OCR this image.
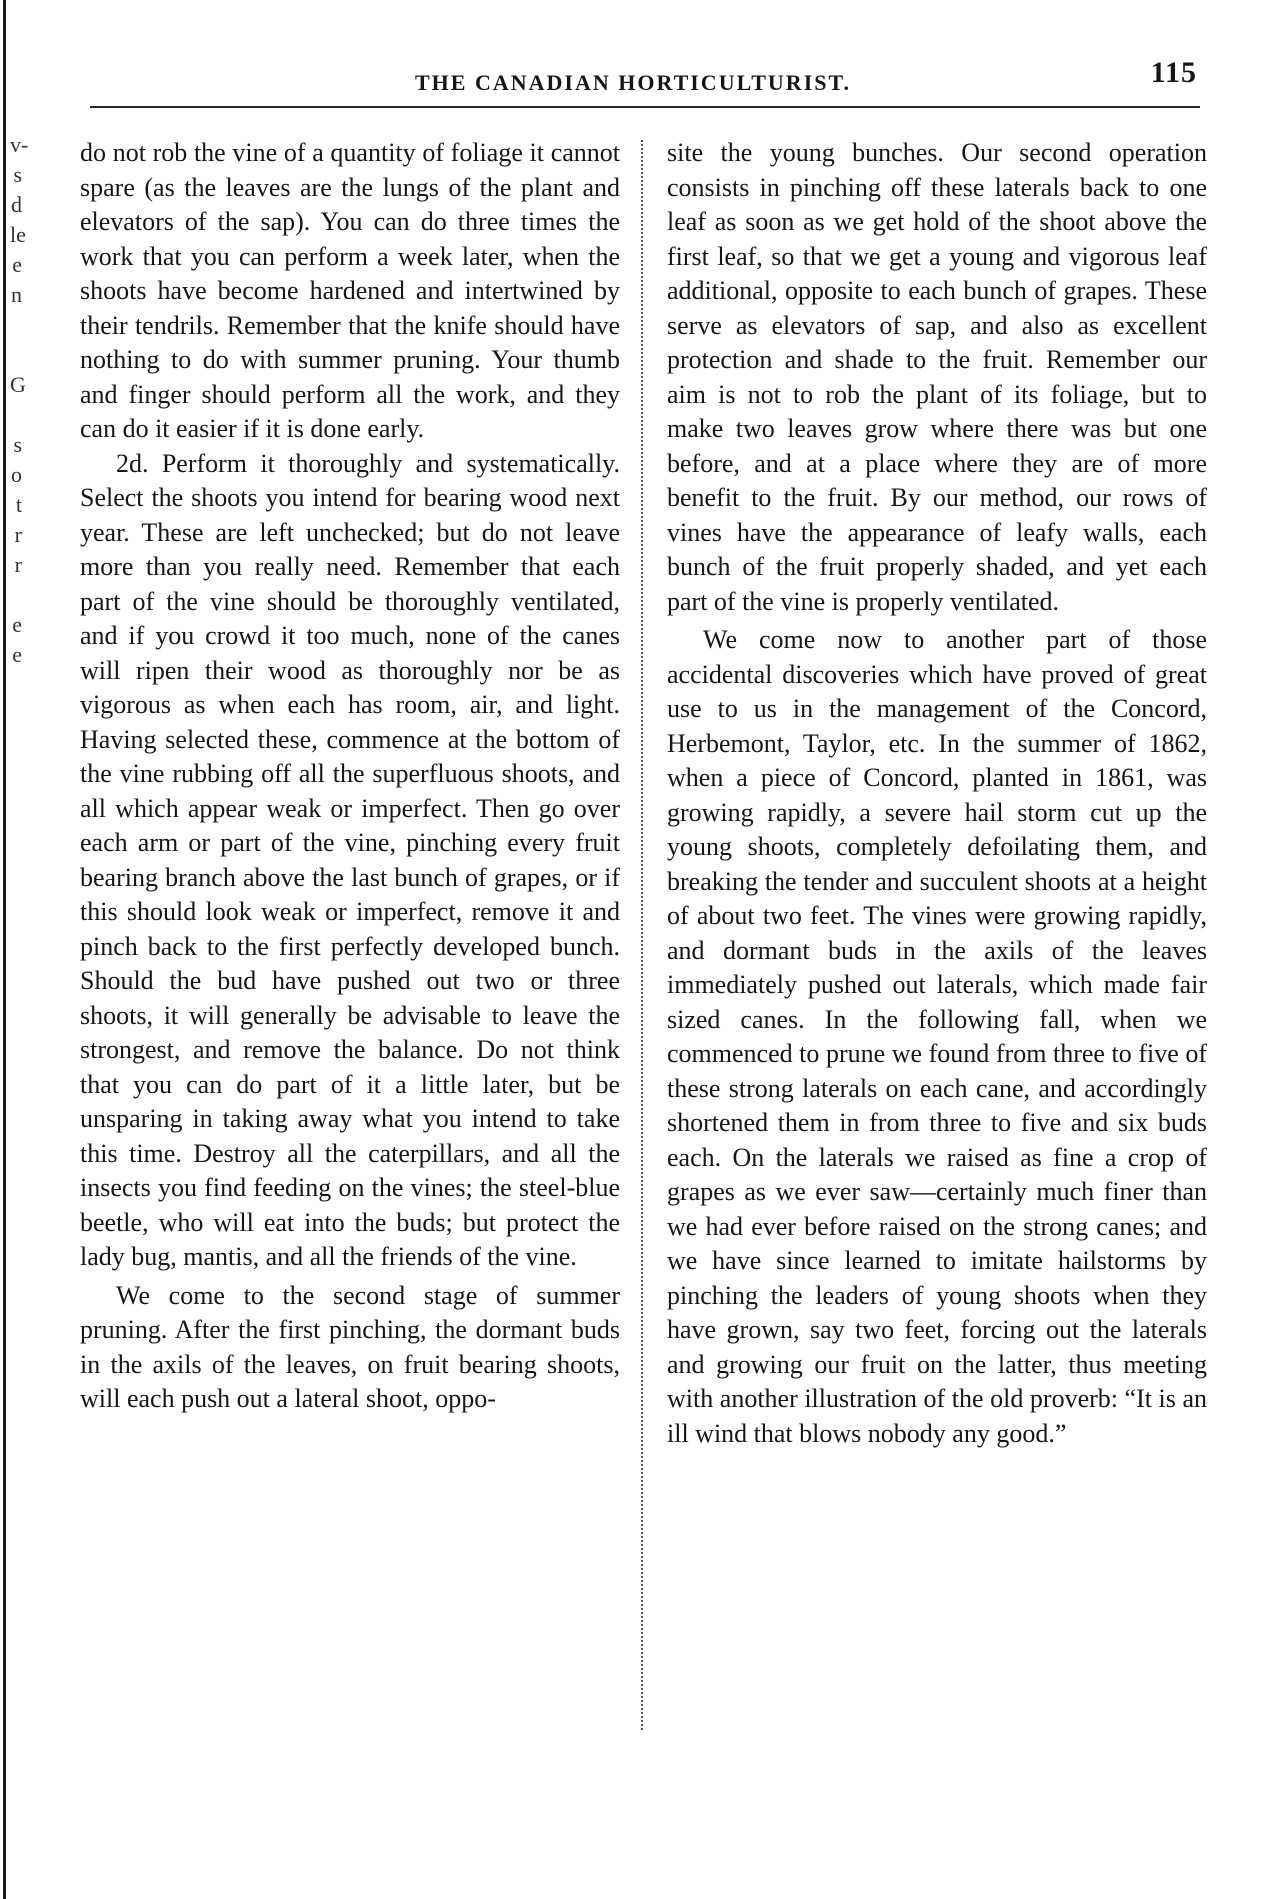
v-
s
d
le
e
n
G
s
o
t
r
r
e
e
THE CANADIAN HORTICULTURIST.	115

do not rob the vine of a quantity of foliage it cannot spare (as the leaves are the lungs of the plant and elevators of the sap). You can do three times the work that you can perform a week later, when the shoots have become hardened and intertwined by their tendrils. Remember that the knife should have nothing to do with summer pruning. Your thumb and finger should perform all the work, and they can do it easier if it is done early.

2d. Perform it thoroughly and systematically. Select the shoots you intend for bearing wood next year. These are left unchecked; but do not leave more than you really need. Remember that each part of the vine should be thoroughly ventilated, and if you crowd it too much, none of the canes will ripen their wood as thoroughly nor be as vigorous as when each has room, air, and light. Having selected these, commence at the bottom of the vine rubbing off all the superfluous shoots, and all which appear weak or imperfect. Then go over each arm or part of the vine, pinching every fruit bearing branch above the last bunch of grapes, or if this should look weak or imperfect, remove it and pinch back to the first perfectly developed bunch. Should the bud have pushed out two or three shoots, it will generally be advisable to leave the strongest, and remove the balance. Do not think that you can do part of it a little later, but be unsparing in taking away what you intend to take this time. Destroy all the caterpillars, and all the insects you find feeding on the vines; the steel-blue beetle, who will eat into the buds; but protect the lady bug, mantis, and all the friends of the vine.

We come to the second stage of summer pruning. After the first pinching, the dormant buds in the axils of the leaves, on fruit bearing shoots, will each push out a lateral shoot, oppo-

site the young bunches. Our second operation consists in pinching off these laterals back to one leaf as soon as we get hold of the shoot above the first leaf, so that we get a young and vigorous leaf additional, opposite to each bunch of grapes. These serve as elevators of sap, and also as excellent protection and shade to the fruit. Remember our aim is not to rob the plant of its foliage, but to make two leaves grow where there was but one before, and at a place where they are of more benefit to the fruit. By our method, our rows of vines have the appearance of leafy walls, each bunch of the fruit properly shaded, and yet each part of the vine is properly ventilated.

We come now to another part of those accidental discoveries which have proved of great use to us in the management of the Concord, Herbemont, Taylor, etc. In the summer of 1862, when a piece of Concord, planted in 1861, was growing rapidly, a severe hail storm cut up the young shoots, completely defoilating them, and breaking the tender and succulent shoots at a height of about two feet. The vines were growing rapidly, and dormant buds in the axils of the leaves immediately pushed out laterals, which made fair sized canes. In the following fall, when we commenced to prune we found from three to five of these strong laterals on each cane, and accordingly shortened them in from three to five and six buds each. On the laterals we raised as fine a crop of grapes as we ever saw—certainly much finer than we had ever before raised on the strong canes; and we have since learned to imitate hailstorms by pinching the leaders of young shoots when they have grown, say two feet, forcing out the laterals and growing our fruit on the latter, thus meeting with another illustration of the old proverb: “It is an ill wind that blows nobody any good.”
